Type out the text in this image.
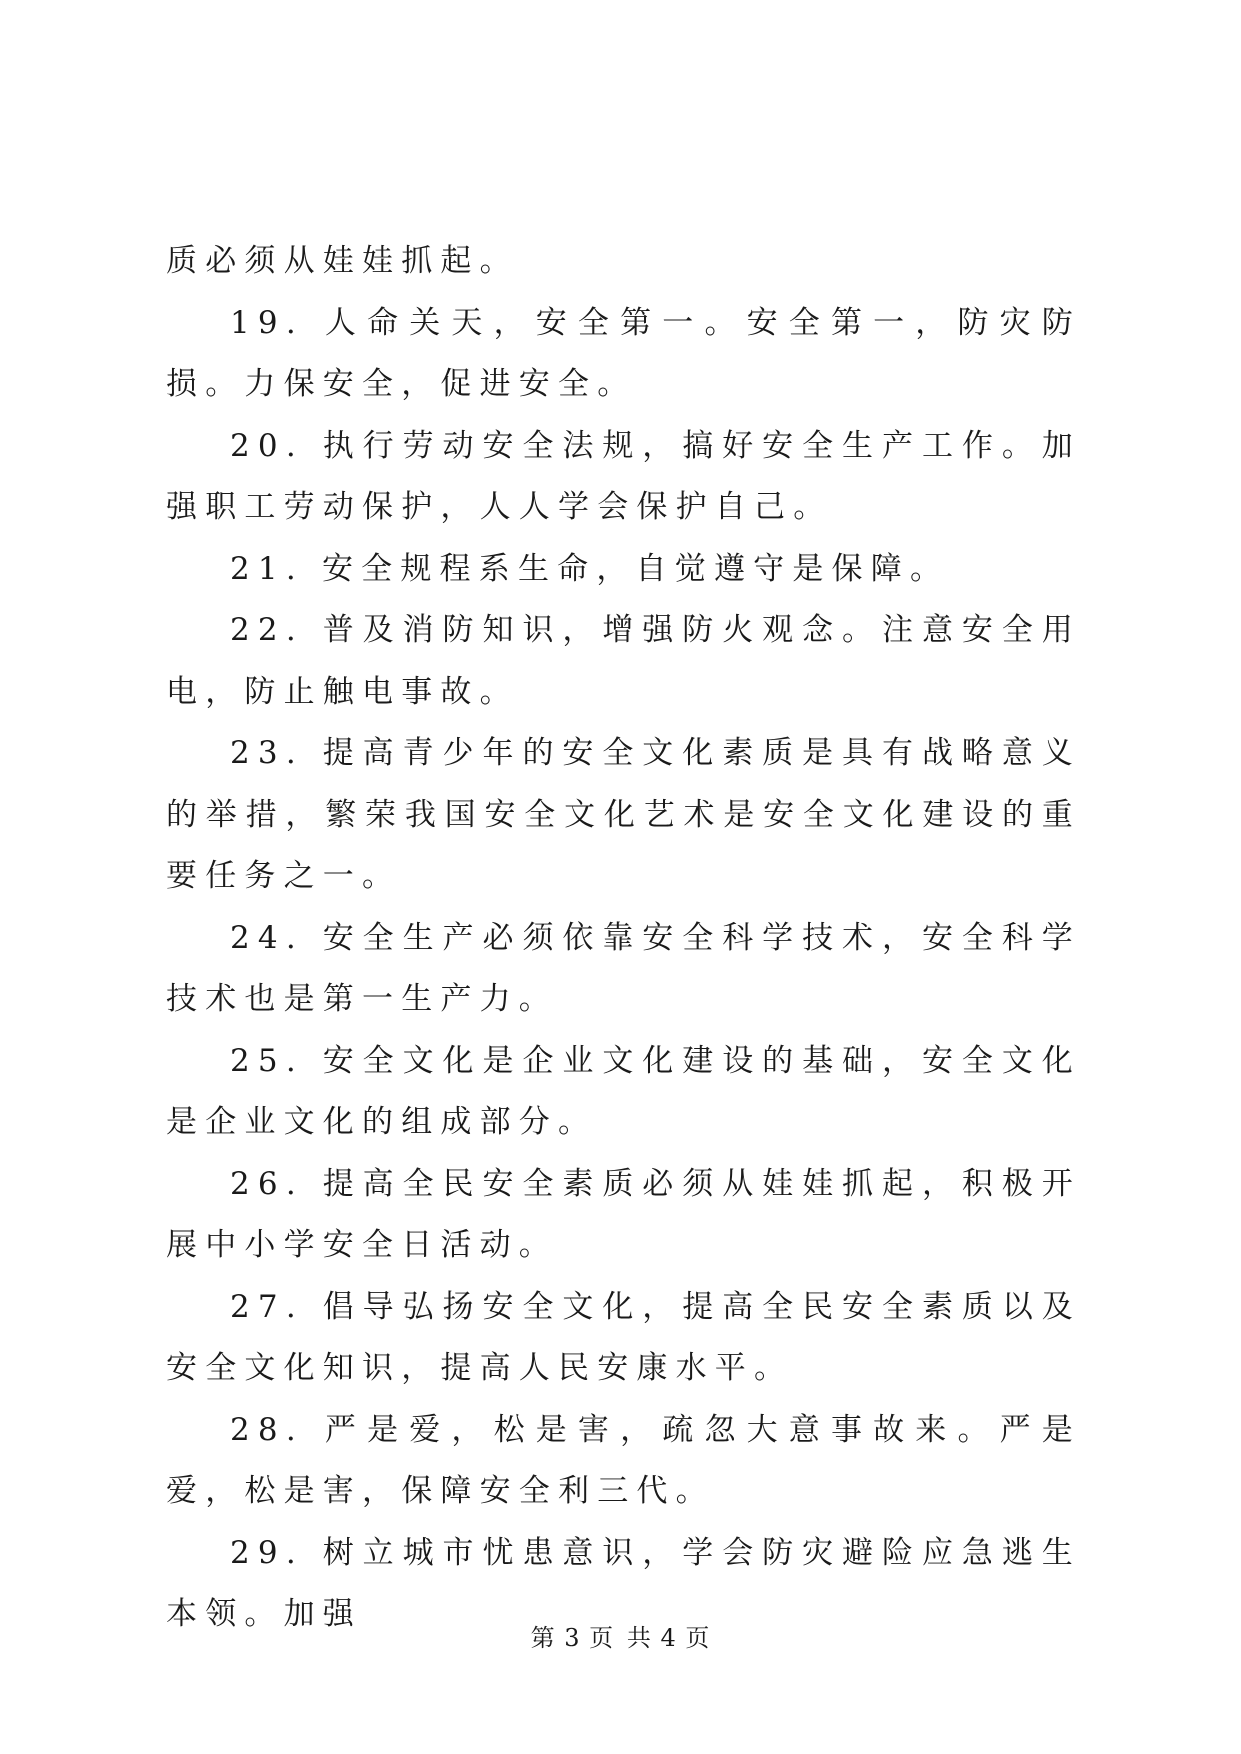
质必须从娃娃抓起。

19. 人命关天，安全第一。安全第一，防灾防损。力保安全，促进安全。

20. 执行劳动安全法规，搞好安全生产工作。加强职工劳动保护，人人学会保护自己。

21. 安全规程系生命，自觉遵守是保障。

22. 普及消防知识，增强防火观念。注意安全用电，防止触电事故。

23. 提高青少年的安全文化素质是具有战略意义的举措，繁荣我国安全文化艺术是安全文化建设的重要任务之一。

24. 安全生产必须依靠安全科学技术，安全科学技术也是第一生产力。

25. 安全文化是企业文化建设的基础，安全文化是企业文化的组成部分。

26. 提高全民安全素质必须从娃娃抓起，积极开展中小学安全日活动。

27. 倡导弘扬安全文化，提高全民安全素质以及安全文化知识，提高人民安康水平。

28. 严是爱，松是害，疏忽大意事故来。严是爱，松是害，保障安全利三代。

29. 树立城市忧患意识，学会防灾避险应急逃生本领。加强

第 3 页 共 4 页
